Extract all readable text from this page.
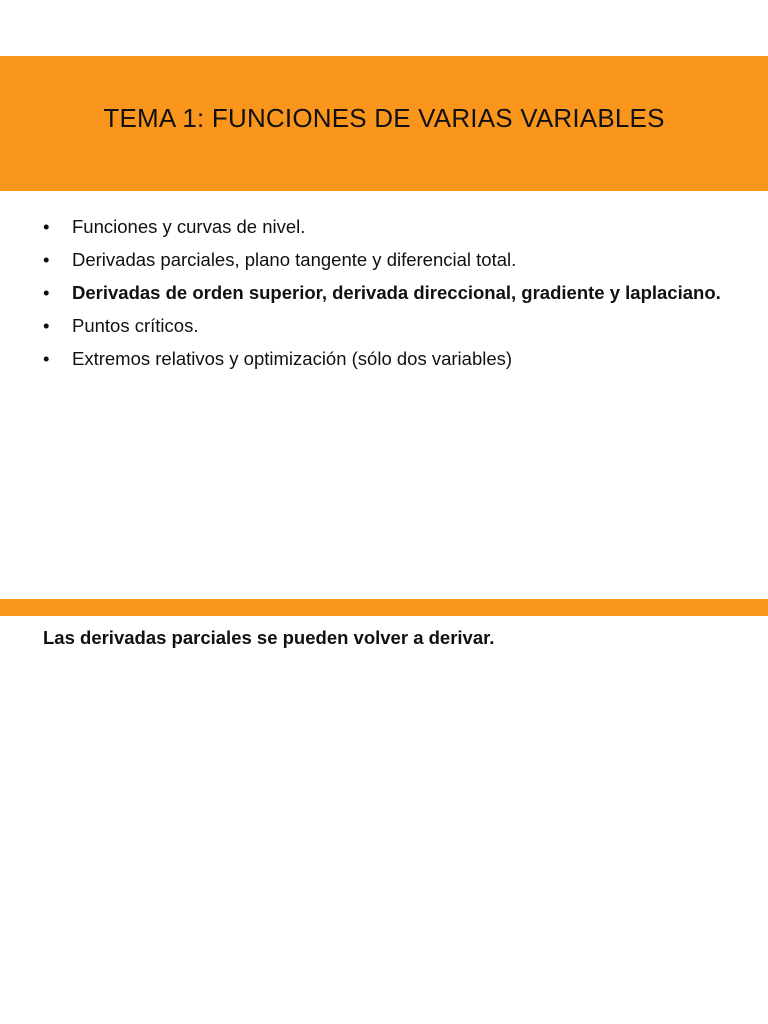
TEMA 1: FUNCIONES DE VARIAS VARIABLES
• Funciones y curvas de nivel.
• Derivadas parciales, plano tangente y diferencial total.
• Derivadas de orden superior, derivada direccional, gradiente y laplaciano.
• Puntos críticos.
• Extremos relativos y optimización (sólo dos variables)

Las derivadas parciales se pueden volver a derivar.
